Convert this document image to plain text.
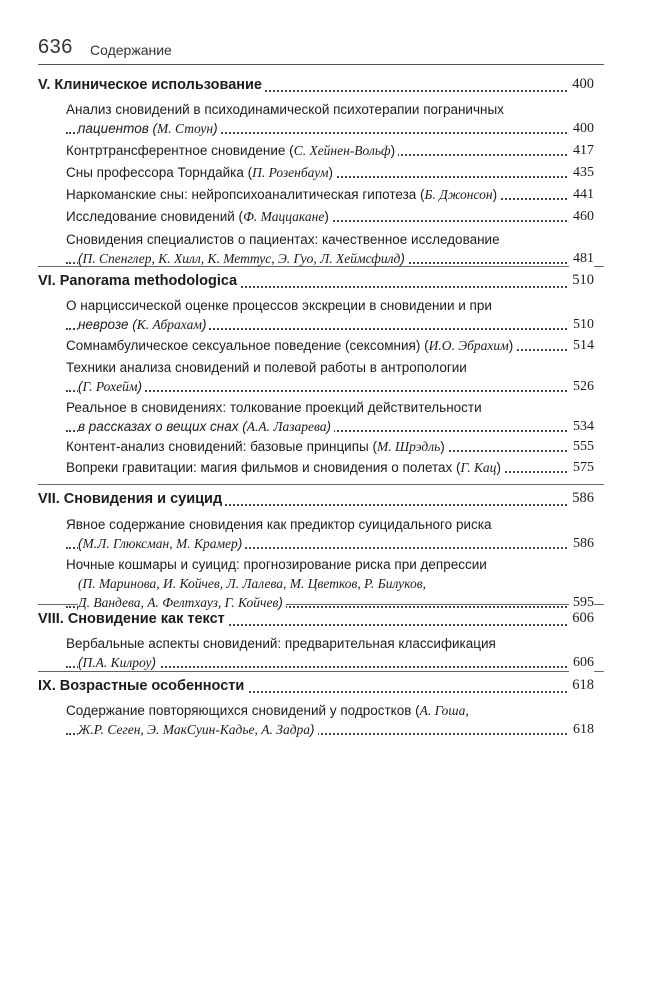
636 Содержание
V. Клиническое использование	400
Анализ сновидений в психодинамической психотерапии пограничных
пациентов (М. Стоун)	400
Контртрансферентное сновидение (С. Хейнен-Вольф)	417
Сны профессора Торндайка (П. Розенбаум)	435
Наркоманские сны: нейропсихоаналитическая гипотеза (Б. Джонсон)	441
Исследование сновидений (Ф. Маццакане)	460
Сновидения специалистов о пациентах: качественное исследование
(П. Спенглер, К. Хилл, К. Меттус, Э. Гуо, Л. Хеймсфилд)	481
VI. Panorama methodologica	510
О нарциссической оценке процессов экскреции в сновидении и при
неврозе (К. Абрахам)	510
Сомнамбулическое сексуальное поведение (сексомния) (И.О. Эбрахим)	514
Техники анализа сновидений и полевой работы в антропологии
(Г. Рохейм)	526
Реальное в сновидениях: толкование проекций действительности
в рассказах о вещих снах (А.А. Лазарева)	534
Контент-анализ сновидений: базовые принципы (М. Шрэдль)	555
Вопреки гравитации: магия фильмов и сновидения о полетах (Г. Кац)	575
VII. Сновидения и суицид	586
Явное содержание сновидения как предиктор суицидального риска
(М.Л. Глюксман, М. Крамер)	586
Ночные кошмары и суицид: прогнозирование риска при депрессии
(П. Маринова, И. Койчев, Л. Лалева, М. Цветков, Р. Билуков,
Д. Вандева, А. Фелтхауз, Г. Койчев)	595
VIII. Сновидение как текст	606
Вербальные аспекты сновидений: предварительная классификация
(П.А. Килроу)	606
IX. Возрастные особенности	618
Содержание повторяющихся сновидений у подростков (А. Гоша,
Ж.Р. Сеген, Э. МакСуин-Кадье, А. Задра)	618
